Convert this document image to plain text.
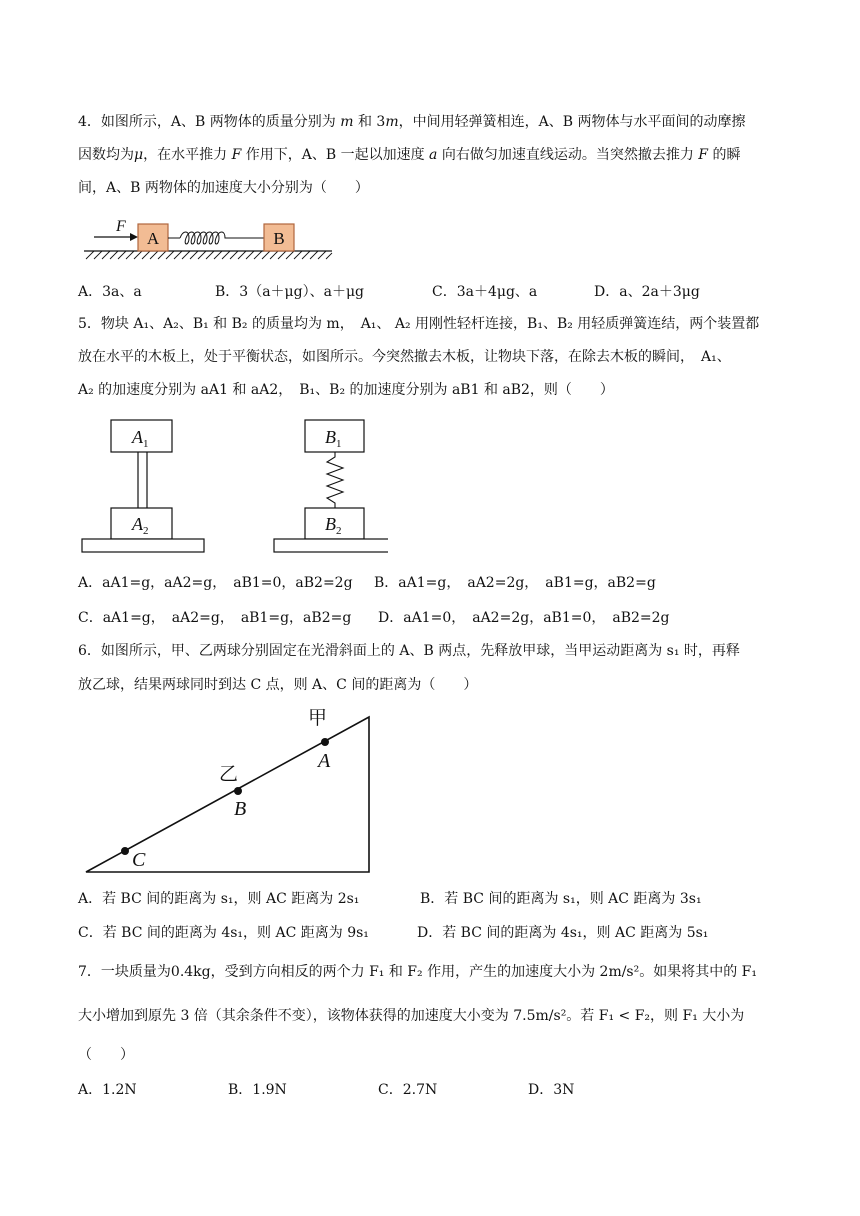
4．如图所示，A、B 两物体的质量分别为 m 和 3m，中间用轻弹簧相连，A、B 两物体与水平面间的动摩擦
因数均为μ，在水平推力 F 作用下，A、B 一起以加速度 a 向右做匀加速直线运动。当突然撤去推力 F 的瞬
间，A、B 两物体的加速度大小分别为（　　）
F
A	B
A．3a、a	B．3（a＋μg）、a＋μg	C．3a＋4μg、a	D．a、2a＋3μg
5．物块 A₁、A₂、B₁ 和 B₂ 的质量均为 m，　A₁、 A₂ 用刚性轻杆连接，B₁、B₂ 用轻质弹簧连结，两个装置都
放在水平的木板上，处于平衡状态，如图所示。今突然撤去木板，让物块下落，在除去木板的瞬间，　A₁、
A₂ 的加速度分别为 aA1 和 aA2，　B₁、B₂ 的加速度分别为 aB1 和 aB2，则（　　）
$A_1$
$A_2$
$B_1$
$B_2$
A．aA1=g，aA2=g，　aB1=0，aB2=2g B．aA1=g，　aA2=2g，　aB1=g，aB2=g
C．aA1=g，　aA2=g，　aB1=g，aB2=g D．aA1=0，　aA2=2g，aB1=0，　aB2=2g
6．如图所示，甲、乙两球分别固定在光滑斜面上的 A、B 两点，先释放甲球，当甲运动距离为 s₁ 时，再释
放乙球，结果两球同时到达 C 点，则 A、C 间的距离为（　　）
甲
A
乙
B
C
A．若 BC 间的距离为 s₁，则 AC 距离为 2s₁	B．若 BC 间的距离为 s₁，则 AC 距离为 3s₁
C．若 BC 间的距离为 4s₁，则 AC 距离为 9s₁	D．若 BC 间的距离为 4s₁，则 AC 距离为 5s₁
7．一块质量为0.4kg，受到方向相反的两个力 F₁ 和 F₂ 作用，产生的加速度大小为 2m/s²。如果将其中的 F₁
大小增加到原先 3 倍（其余条件不变），该物体获得的加速度大小变为 7.5m/s²。若 F₁ < F₂，则 F₁ 大小为
（　　）
A．1.2N	B．1.9N	C．2.7N	D．3N
